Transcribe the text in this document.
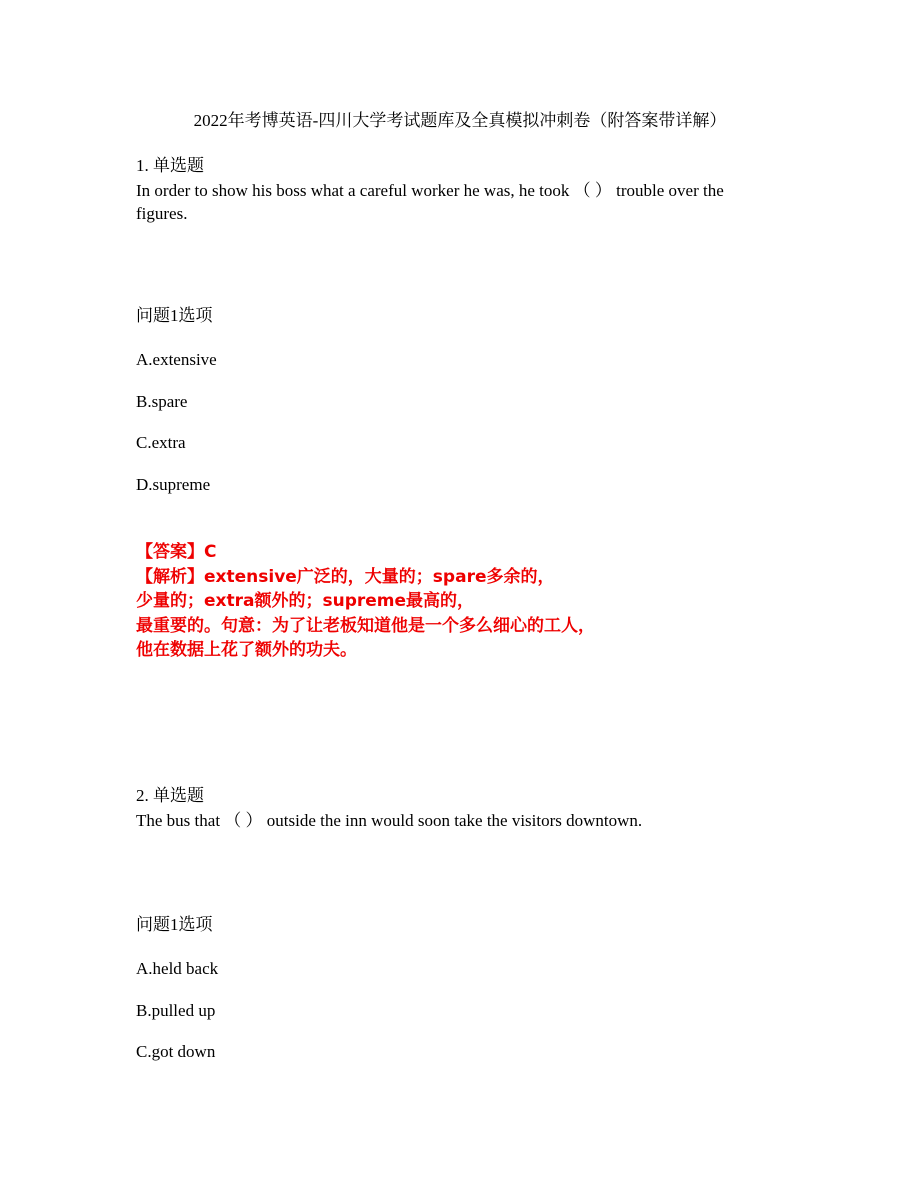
2022年考博英语-四川大学考试题库及全真模拟冲刺卷（附答案带详解）
1. 单选题
In order to show his boss what a careful worker he was, he took （ ） trouble over the
figures.
问题1选项
A.extensive
B.spare
C.extra
D.supreme
【答案】C
【解析】extensive广泛的，大量的；spare多余的，
少量的；extra额外的；supreme最高的，
最重要的。句意：为了让老板知道他是一个多么细心的工人，
他在数据上花了额外的功夫。
2. 单选题
The bus that （ ） outside the inn would soon take the visitors downtown.
问题1选项
A.held back
B.pulled up
C.got down
